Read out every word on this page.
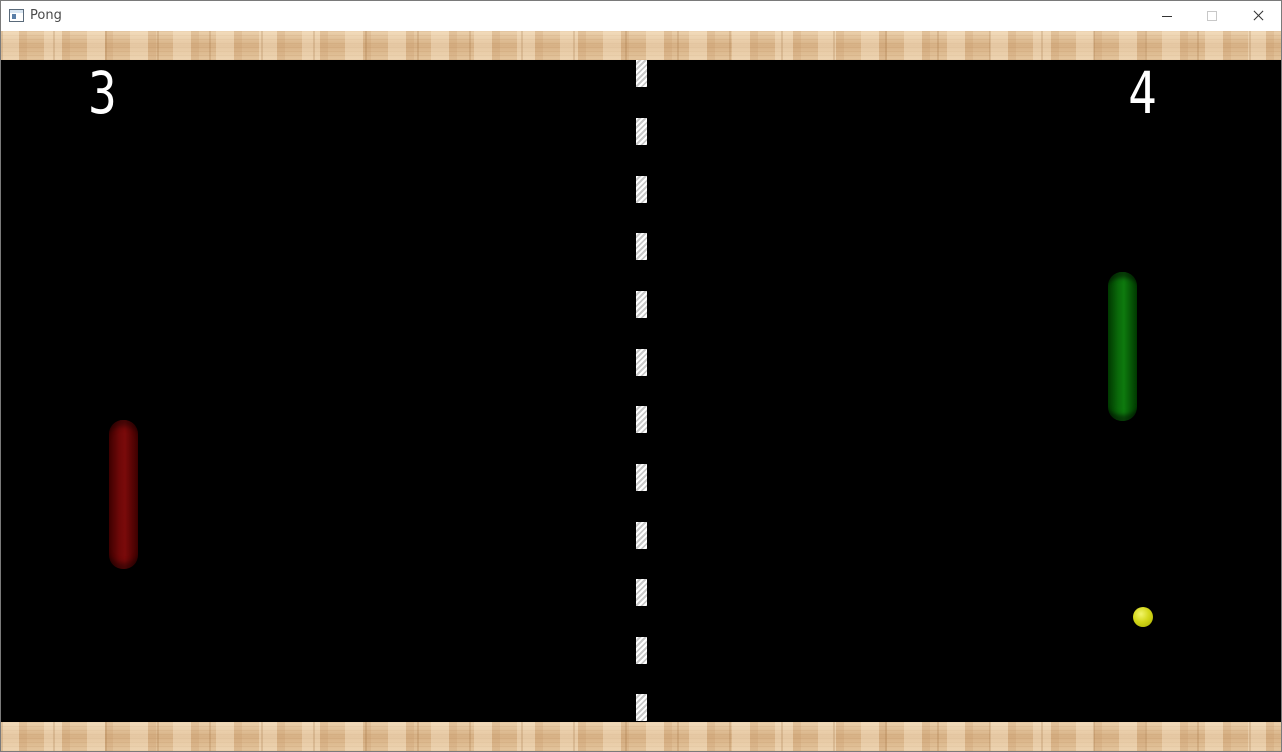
Pong
3	4
